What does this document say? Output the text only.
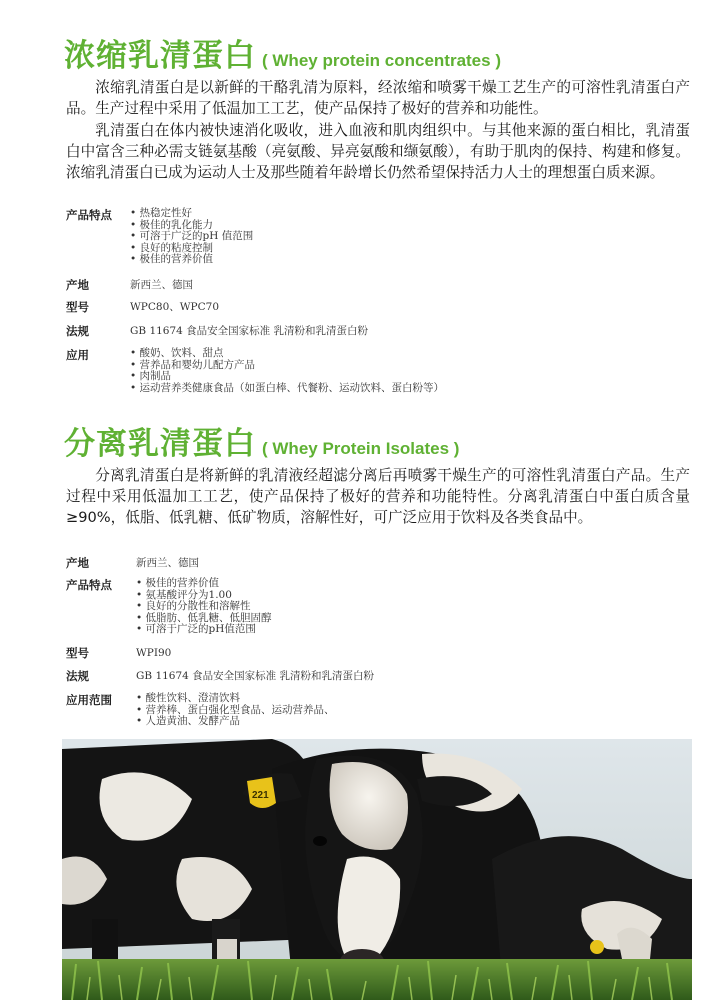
浓缩乳清蛋白 ( Whey protein concentrates )

浓缩乳清蛋白是以新鲜的干酪乳清为原料，经浓缩和喷雾干燥工艺生产的可溶性乳清蛋白产品。生产过程中采用了低温加工工艺，使产品保持了极好的营养和功能性。

乳清蛋白在体内被快速消化吸收，进入血液和肌肉组织中。与其他来源的蛋白相比，乳清蛋白中富含三种必需支链氨基酸（亮氨酸、异亮氨酸和缬氨酸），有助于肌肉的保持、构建和修复。浓缩乳清蛋白已成为运动人士及那些随着年龄增长仍然希望保持活力人士的理想蛋白质来源。

产品特点	• 热稳定性好
• 极佳的乳化能力
• 可溶于广泛的pH 值范围
• 良好的粘度控制
• 极佳的营养价值
产地	新西兰、德国
型号	WPC80、WPC70
法规	GB 11674 食品安全国家标准 乳清粉和乳清蛋白粉
应用	• 酸奶、饮料、甜点
• 营养品和婴幼儿配方产品
• 肉制品
• 运动营养类健康食品（如蛋白棒、代餐粉、运动饮料、蛋白粉等）
分离乳清蛋白 ( Whey Protein Isolates )

分离乳清蛋白是将新鲜的乳清液经超滤分离后再喷雾干燥生产的可溶性乳清蛋白产品。生产过程中采用低温加工工艺，使产品保持了极好的营养和功能特性。分离乳清蛋白中蛋白质含量≥90%，低脂、低乳糖、低矿物质，溶解性好，可广泛应用于饮料及各类食品中。

产地	新西兰、德国
产品特点	• 极佳的营养价值
• 氨基酸评分为1.00
• 良好的分散性和溶解性
• 低脂肪、低乳糖、低胆固醇
• 可溶于广泛的pH值范围
型号	WPI90
法规	GB 11674 食品安全国家标准 乳清粉和乳清蛋白粉
应用范围	• 酸性饮料、澄清饮料
• 营养棒、蛋白强化型食品、运动营养品、
• 人造黄油、发酵产品
221
